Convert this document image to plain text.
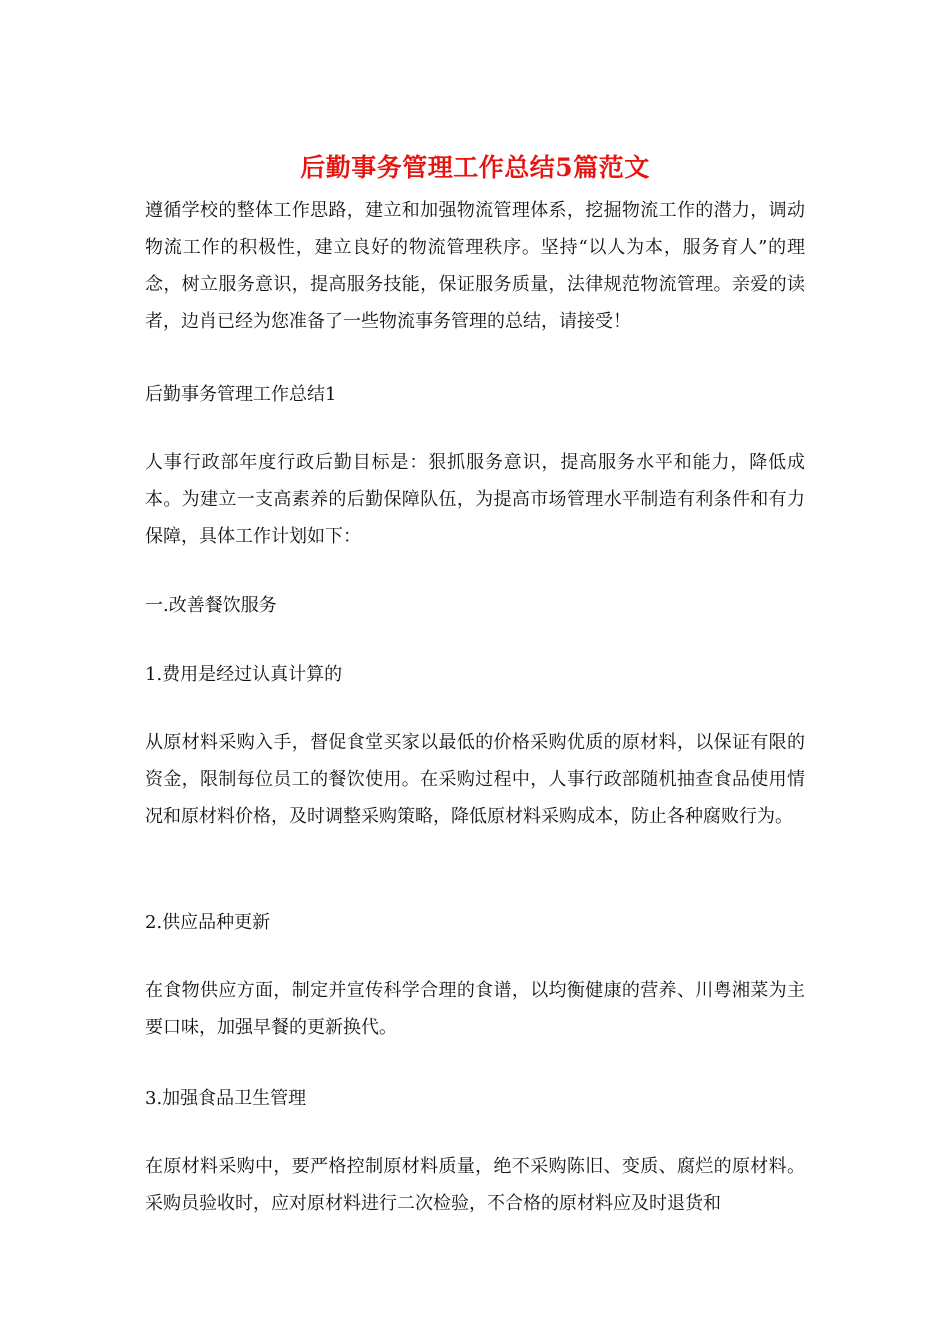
后勤事务管理工作总结5篇范文

遵循学校的整体工作思路，建立和加强物流管理体系，挖掘物流工作的潜力，调动物流工作的积极性，建立良好的物流管理秩序。坚持“以人为本，服务育人”的理念，树立服务意识，提高服务技能，保证服务质量，法律规范物流管理。亲爱的读者，边肖已经为您准备了一些物流事务管理的总结，请接受！

后勤事务管理工作总结1

人事行政部年度行政后勤目标是：狠抓服务意识，提高服务水平和能力，降低成本。为建立一支高素养的后勤保障队伍，为提高市场管理水平制造有利条件和有力保障，具体工作计划如下：

一.改善餐饮服务

1.费用是经过认真计算的

从原材料采购入手，督促食堂买家以最低的价格采购优质的原材料，以保证有限的资金，限制每位员工的餐饮使用。在采购过程中，人事行政部随机抽查食品使用情况和原材料价格，及时调整采购策略，降低原材料采购成本，防止各种腐败行为。

2.供应品种更新

在食物供应方面，制定并宣传科学合理的食谱，以均衡健康的营养、川粤湘菜为主要口味，加强早餐的更新换代。

3.加强食品卫生管理

在原材料采购中，要严格控制原材料质量，绝不采购陈旧、变质、腐烂的原材料。采购员验收时，应对原材料进行二次检验，不合格的原材料应及时退货和
